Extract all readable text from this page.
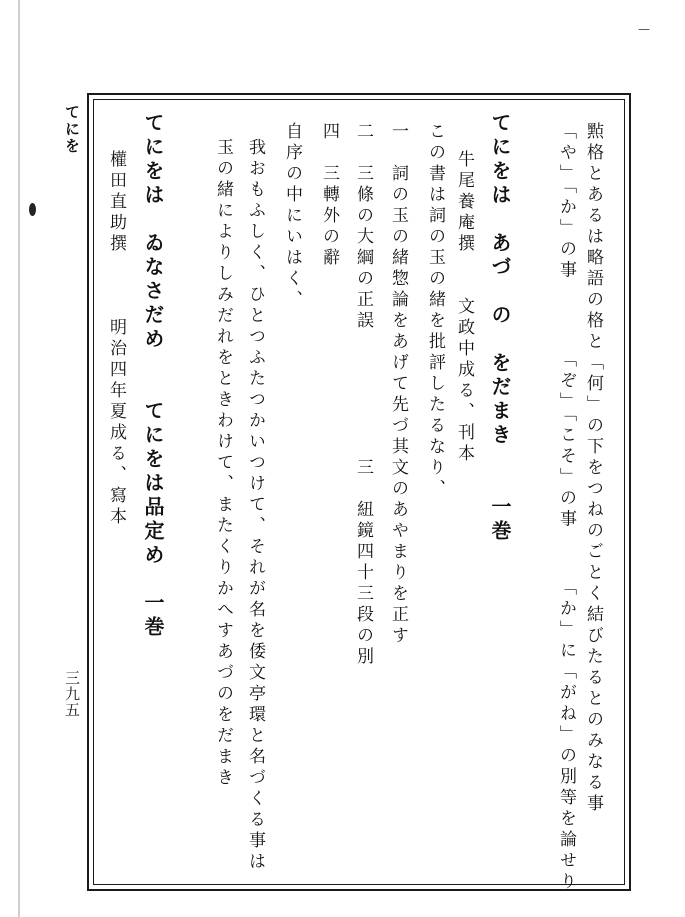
—
てにを
三九五	㸃格とあるは略語の格と「何」の下をつねのごとく結びたるとのみなる事
「か」に「がね」の別等を論せり
「ぞ」「こそ」の事
「や」「か」の事
てにをは　あづ　の　をだまき　　一巻
牛尾養庵撰　　文政中成る、刊本
この書は詞の玉の緒を批評したるなり、
一　詞の玉の緒惣論をあげて先づ其文のあやまりを正す
二　三條の大綱の正誤　　　　　　三　紐鏡四十三段の別
四　三轉外の辭
自序の中にいはく、
我おもふしく、ひとつふたつかいつけて、それが名を倭文亭環と名づくる事は
玉の緒によりしみだれをときわけて、またくりかへすあづのをだまき
てにをは　ゐなさだめ　　てにをは品定め　一巻
權田直助撰　　　明治四年夏成る、寫本
